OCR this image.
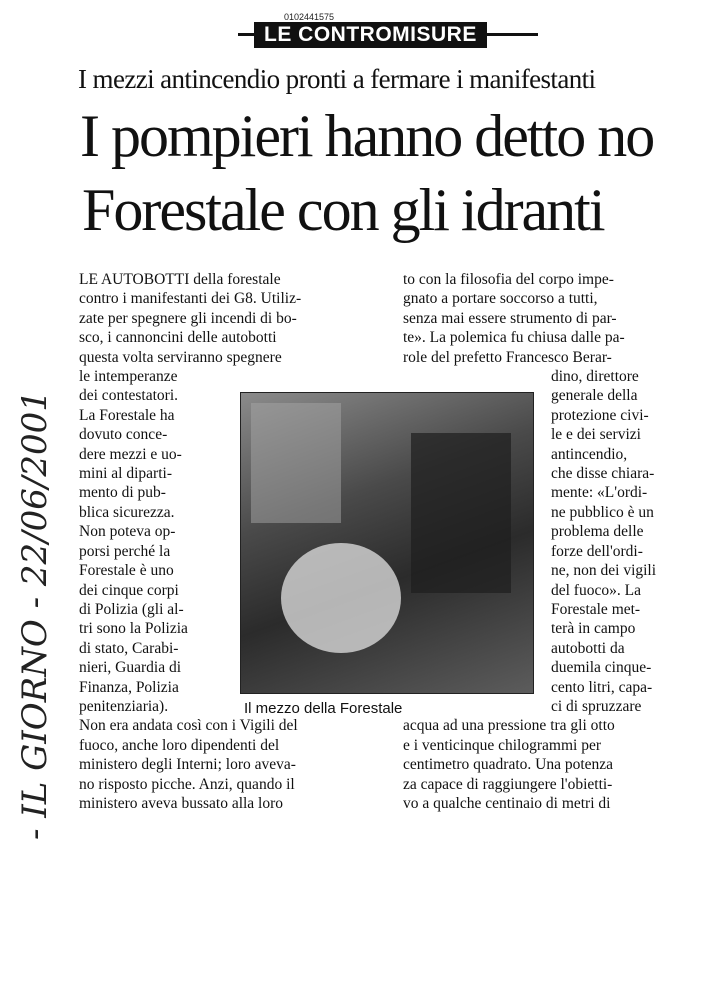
0102441575
LE CONTROMISURE
I mezzi antincendio pronti a fermare i manifestanti
I pompieri hanno detto no
Forestale con gli idranti

LE AUTOBOTTI della forestale

contro i manifestanti dei G8. Utiliz-

zate per spegnere gli incendi di bo-

sco, i cannoncini delle autobotti

questa volta serviranno spegnere

le intemperanze

dei contestatori.

La Forestale ha

dovuto conce-

dere mezzi e uo-

mini al diparti-

mento di pub-

blica sicurezza.

Non poteva op-

porsi perché la

Forestale è uno

dei cinque corpi

di Polizia (gli al-

tri sono la Polizia

di stato, Carabi-

nieri, Guardia di

Finanza, Polizia

penitenziaria).

Non era andata così con i Vigili del

fuoco, anche loro dipendenti del

ministero degli Interni; loro aveva-

no risposto picche. Anzi, quando il

ministero aveva bussato alla loro

to con la filosofia del corpo impe-

gnato a portare soccorso a tutti,

senza mai essere strumento di par-

te». La polemica fu chiusa dalle pa-

role del prefetto Francesco Berar-

dino, direttore

generale della

protezione civi-

le e dei servizi

antincendio,

che disse chiara-

mente: «L'ordi-

ne pubblico è un

problema delle

forze dell'ordi-

ne, non dei vigili

del fuoco». La

Forestale met-

terà in campo

autobotti da

duemila cinque-

cento litri, capa-

ci di spruzzare

acqua ad una pressione tra gli otto

e i venticinque chilogrammi per

centimetro quadrato. Una potenza

za capace di raggiungere l'obietti-

vo a qualche centinaio di metri di

Il mezzo della Forestale
- IL GIORNO - 22/06/2001
